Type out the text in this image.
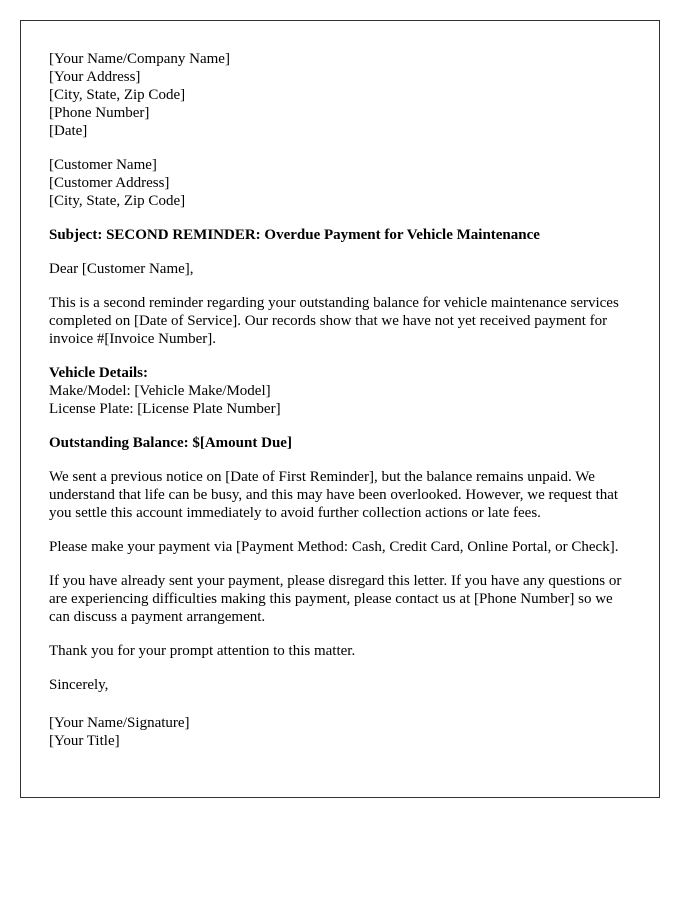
[Your Name/Company Name]
[Your Address]
[City, State, Zip Code]
[Phone Number]
[Date]
[Customer Name]
[Customer Address]
[City, State, Zip Code]

Subject: SECOND REMINDER: Overdue Payment for Vehicle Maintenance

Dear [Customer Name],

This is a second reminder regarding your outstanding balance for vehicle maintenance services completed on [Date of Service]. Our records show that we have not yet received payment for invoice #[Invoice Number].

Vehicle Details:
Make/Model: [Vehicle Make/Model]
License Plate: [License Plate Number]

Outstanding Balance: $[Amount Due]

We sent a previous notice on [Date of First Reminder], but the balance remains unpaid. We understand that life can be busy, and this may have been overlooked. However, we request that you settle this account immediately to avoid further collection actions or late fees.

Please make your payment via [Payment Method: Cash, Credit Card, Online Portal, or Check].

If you have already sent your payment, please disregard this letter. If you have any questions or are experiencing difficulties making this payment, please contact us at [Phone Number] so we can discuss a payment arrangement.

Thank you for your prompt attention to this matter.

Sincerely,

[Your Name/Signature]
[Your Title]
